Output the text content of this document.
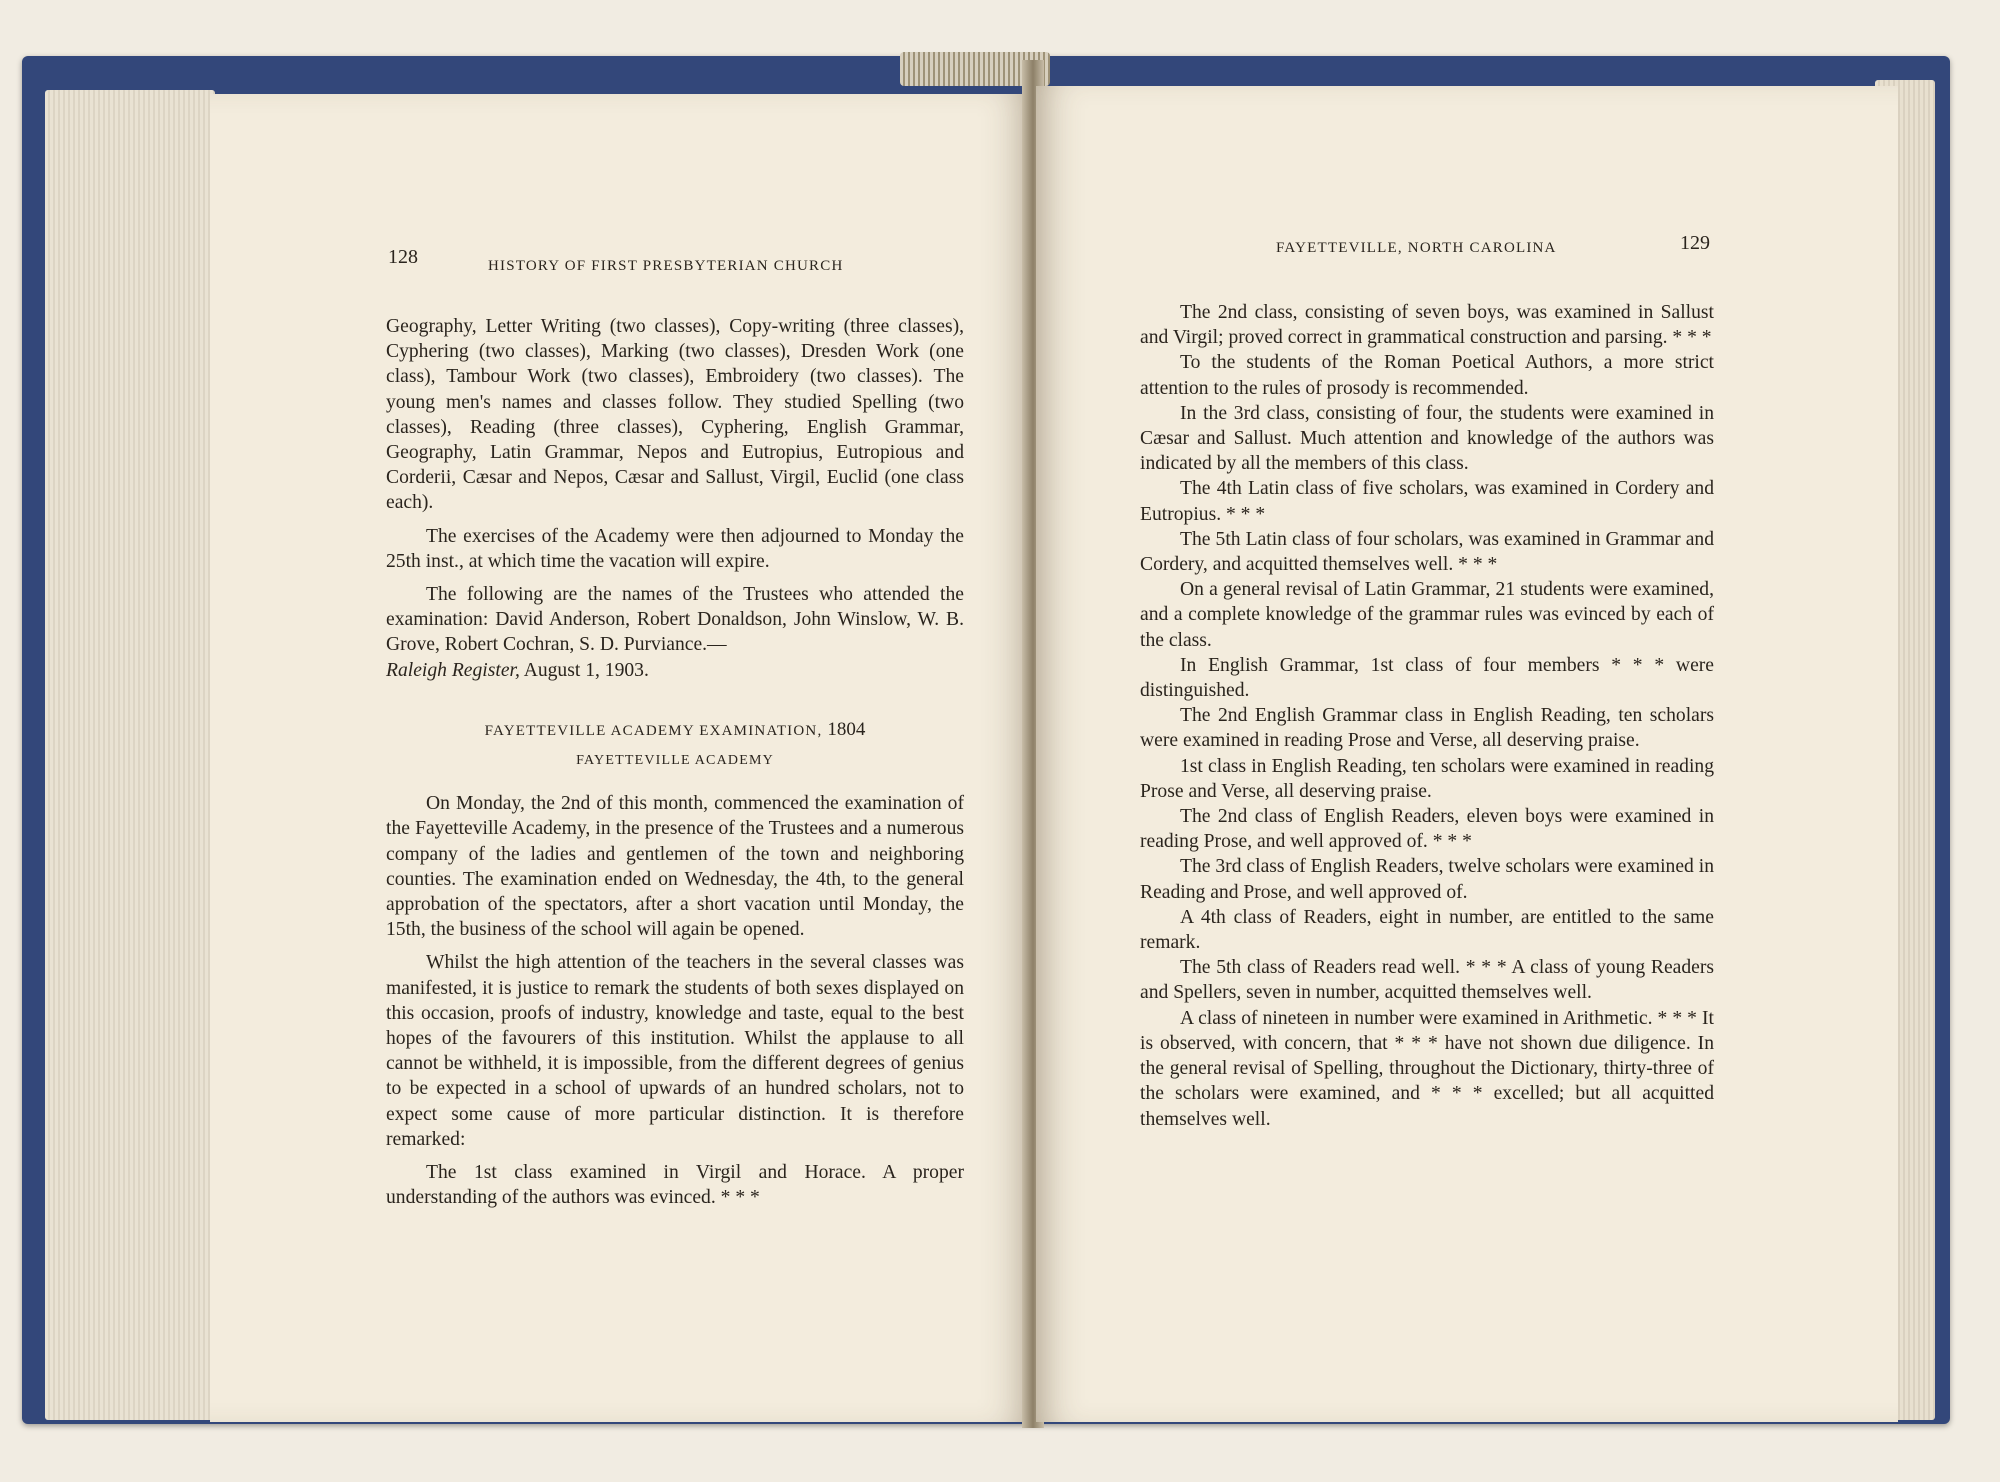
128	HISTORY OF FIRST PRESBYTERIAN CHURCH

Geography, Letter Writing (two classes), Copy-writing (three classes), Cyphering (two classes), Marking (two classes), Dresden Work (one class), Tambour Work (two classes), Embroidery (two classes). The young men's names and classes follow. They studied Spelling (two classes), Reading (three classes), Cyphering, English Grammar, Geography, Latin Grammar, Nepos and Eutropius, Eutropious and Corderii, Cæsar and Nepos, Cæsar and Sallust, Virgil, Euclid (one class each).

The exercises of the Academy were then adjourned to Monday the 25th inst., at which time the vacation will expire.

The following are the names of the Trustees who attended the examination: David Anderson, Robert Donaldson, John Winslow, W. B. Grove, Robert Cochran, S. D. Purviance.—
Raleigh Register, August 1, 1903.

FAYETTEVILLE ACADEMY EXAMINATION, 1804
FAYETTEVILLE ACADEMY

On Monday, the 2nd of this month, commenced the examination of the Fayetteville Academy, in the presence of the Trustees and a numerous company of the ladies and gentlemen of the town and neighboring counties. The examination ended on Wednesday, the 4th, to the general approbation of the spectators, after a short vacation until Monday, the 15th, the business of the school will again be opened.

Whilst the high attention of the teachers in the several classes was manifested, it is justice to remark the students of both sexes displayed on this occasion, proofs of industry, knowledge and taste, equal to the best hopes of the favourers of this institution. Whilst the applause to all cannot be withheld, it is impossible, from the different degrees of genius to be expected in a school of upwards of an hundred scholars, not to expect some cause of more particular distinction. It is therefore remarked:

The 1st class examined in Virgil and Horace. A proper understanding of the authors was evinced. * * *

FAYETTEVILLE, NORTH CAROLINA	129

The 2nd class, consisting of seven boys, was examined in Sallust and Virgil; proved correct in grammatical construction and parsing. * * *

To the students of the Roman Poetical Authors, a more strict attention to the rules of prosody is recommended.

In the 3rd class, consisting of four, the students were examined in Cæsar and Sallust. Much attention and knowledge of the authors was indicated by all the members of this class.

The 4th Latin class of five scholars, was examined in Cordery and Eutropius. * * *

The 5th Latin class of four scholars, was examined in Grammar and Cordery, and acquitted themselves well. * * *

On a general revisal of Latin Grammar, 21 students were examined, and a complete knowledge of the grammar rules was evinced by each of the class.

In English Grammar, 1st class of four members * * * were distinguished.

The 2nd English Grammar class in English Reading, ten scholars were examined in reading Prose and Verse, all deserving praise.

1st class in English Reading, ten scholars were examined in reading Prose and Verse, all deserving praise.

The 2nd class of English Readers, eleven boys were examined in reading Prose, and well approved of. * * *

The 3rd class of English Readers, twelve scholars were examined in Reading and Prose, and well approved of.

A 4th class of Readers, eight in number, are entitled to the same remark.

The 5th class of Readers read well. * * * A class of young Readers and Spellers, seven in number, acquitted themselves well.

A class of nineteen in number were examined in Arithmetic. * * * It is observed, with concern, that * * * have not shown due diligence. In the general revisal of Spelling, throughout the Dictionary, thirty-three of the scholars were examined, and * * * excelled; but all acquitted themselves well.
